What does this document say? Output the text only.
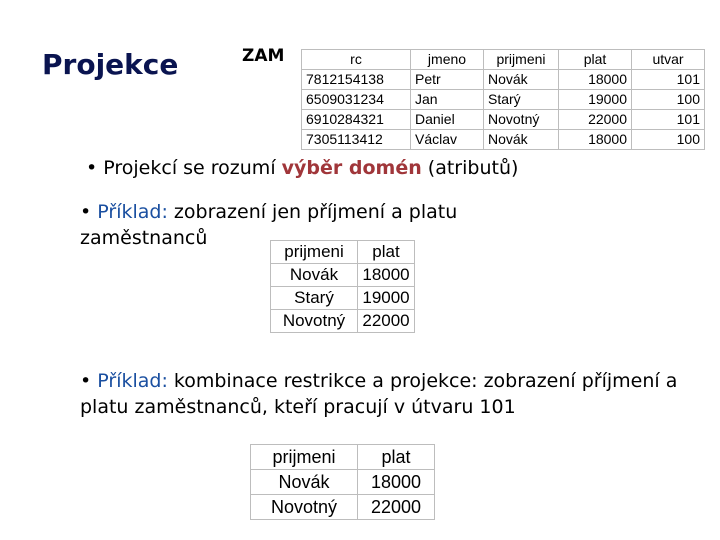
Projekce	ZAM	rc	jmeno	prijmeni	plat	utvar
7812154138	Petr	Novák	18000	101
6509031234	Jan	Starý	19000	100
6910284321	Daniel	Novotný	22000	101
7305113412	Václav	Novák	18000	100
• Projekcí se rozumí výběr domén (atributů)
• Příklad: zobrazení jen příjmení a platu zaměstnanců
prijmeni	plat
Novák	18000
Starý	19000
Novotný	22000
• Příklad: kombinace restrikce a projekce: zobrazení příjmení a platu zaměstnanců, kteří pracují v útvaru 101
prijmeni	plat
Novák	18000
Novotný	22000
